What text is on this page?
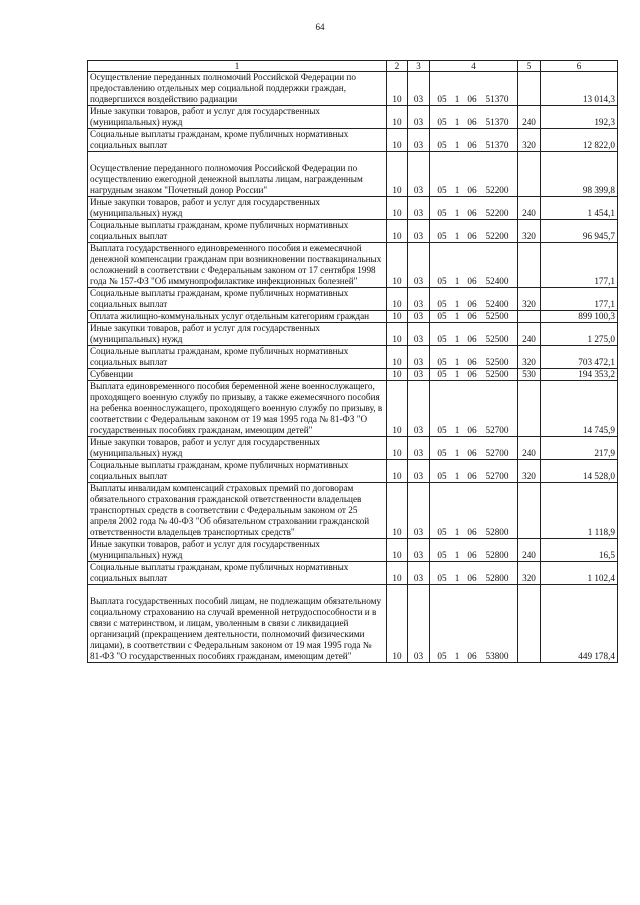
64
1	2	3	4	5	6
Осуществление переданных полномочий Российской Федерации по предоставлению отдельных мер социальной поддержки граждан, подвергшихся воздействию радиации	10	03	05 1 06 51370		13 014,3
Иные закупки товаров, работ и услуг для государственных (муниципальных) нужд	10	03	05 1 06 51370	240	192,3
Социальные выплаты гражданам, кроме публичных нормативных социальных выплат	10	03	05 1 06 51370	320	12 822,0
Осуществление переданного полномочия Российской Федерации по осуществлению ежегодной денежной выплаты лицам, награжденным нагрудным знаком "Почетный донор России"	10	03	05 1 06 52200		98 399,8
Иные закупки товаров, работ и услуг для государственных (муниципальных) нужд	10	03	05 1 06 52200	240	1 454,1
Социальные выплаты гражданам, кроме публичных нормативных социальных выплат	10	03	05 1 06 52200	320	96 945,7
Выплата государственного единовременного пособия и ежемесячной денежной компенсации гражданам при возникновении поствакцинальных осложнений в соответствии с Федеральным законом от 17 сентября 1998 года № 157-ФЗ "Об иммунопрофилактике инфекционных болезней"	10	03	05 1 06 52400		177,1
Социальные выплаты гражданам, кроме публичных нормативных социальных выплат	10	03	05 1 06 52400	320	177,1
Оплата жилищно-коммунальных услуг отдельным категориям граждан	10	03	05 1 06 52500		899 100,3
Иные закупки товаров, работ и услуг для государственных (муниципальных) нужд	10	03	05 1 06 52500	240	1 275,0
Социальные выплаты гражданам, кроме публичных нормативных социальных выплат	10	03	05 1 06 52500	320	703 472,1
Субвенции	10	03	05 1 06 52500	530	194 353,2
Выплата единовременного пособия беременной жене военнослужащего, проходящего военную службу по призыву, а также ежемесячного пособия на ребенка военнослужащего, проходящего военную службу по призыву, в соответствии с Федеральным законом от 19 мая 1995 года № 81-ФЗ "О государственных пособиях гражданам, имеющим детей"	10	03	05 1 06 52700		14 745,9
Иные закупки товаров, работ и услуг для государственных (муниципальных) нужд	10	03	05 1 06 52700	240	217,9
Социальные выплаты гражданам, кроме публичных нормативных социальных выплат	10	03	05 1 06 52700	320	14 528,0
Выплаты инвалидам компенсаций страховых премий по договорам обязательного страхования гражданской ответственности владельцев транспортных средств в соответствии с Федеральным законом от 25 апреля 2002 года № 40-ФЗ "Об обязательном страховании гражданской ответственности владельцев транспортных средств"	10	03	05 1 06 52800		1 118,9
Иные закупки товаров, работ и услуг для государственных (муниципальных) нужд	10	03	05 1 06 52800	240	16,5
Социальные выплаты гражданам, кроме публичных нормативных социальных выплат	10	03	05 1 06 52800	320	1 102,4
Выплата государственных пособий лицам, не подлежащим обязательному социальному страхованию на случай временной нетрудоспособности и в связи с материнством, и лицам, уволенным в связи с ликвидацией организаций (прекращением деятельности, полномочий физическими лицами), в соответствии с Федеральным законом от 19 мая 1995 года № 81-ФЗ "О государственных пособиях гражданам, имеющим детей"	10	03	05 1 06 53800		449 178,4
